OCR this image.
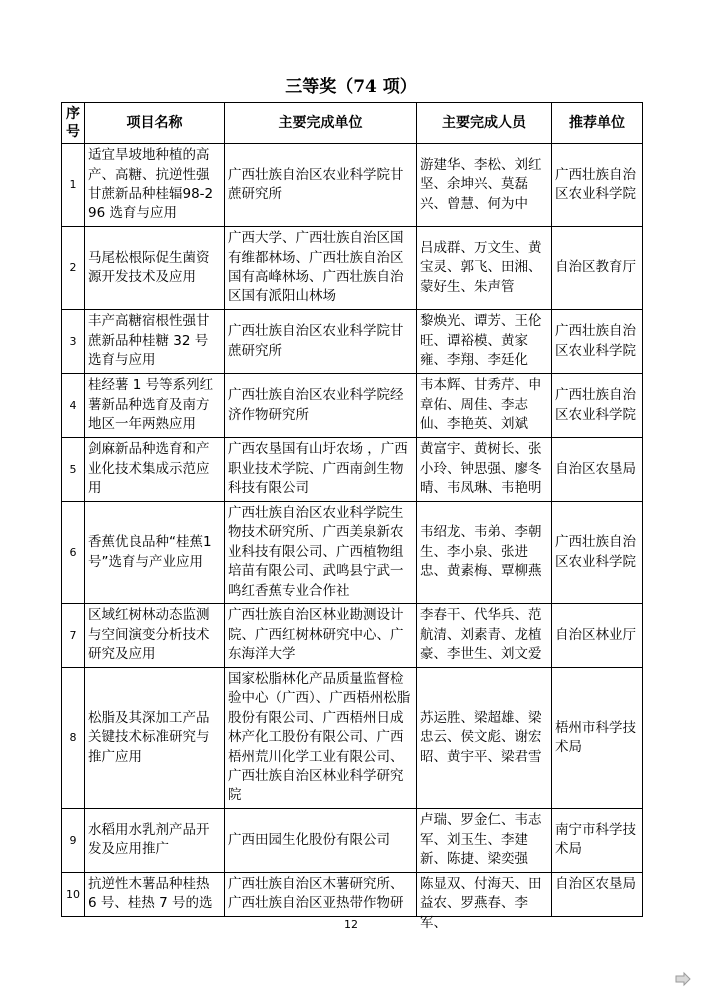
三等奖（74 项）
序号	项目名称	主要完成单位	主要完成人员	推荐单位
1	适宜旱坡地种植的高产、高糖、抗逆性强甘蔗新品种桂辐98-296 选育与应用	广西壮族自治区农业科学院甘蔗研究所	游建华、李松、刘红坚、余坤兴、莫磊兴、曾慧、何为中	广西壮族自治区农业科学院
2	马尾松根际促生菌资源开发技术及应用	广西大学、广西壮族自治区国有维都林场、广西壮族自治区国有高峰林场、广西壮族自治区国有派阳山林场	吕成群、万文生、黄宝灵、郭飞、田湘、蒙好生、朱声管	自治区教育厅
3	丰产高糖宿根性强甘蔗新品种桂糖 32 号选育与应用	广西壮族自治区农业科学院甘蔗研究所	黎焕光、谭芳、王伦旺、谭裕模、黄家雍、李翔、李廷化	广西壮族自治区农业科学院
4	桂经薯 1 号等系列红薯新品种选育及南方地区一年两熟应用	广西壮族自治区农业科学院经济作物研究所	韦本辉、甘秀芹、申章佑、周佳、李志仙、李艳英、刘斌	广西壮族自治区农业科学院
5	剑麻新品种选育和产业化技术集成示范应用	广西农垦国有山圩农场 ，广西职业技术学院、广西南剑生物科技有限公司	黄富宇、黄树长、张小玲、钟思强、廖冬晴、韦凤琳、韦艳明	自治区农垦局
6	香蕉优良品种“桂蕉1 号”选育与产业应用	广西壮族自治区农业科学院生物技术研究所、广西美泉新农业科技有限公司、广西植物组培苗有限公司、武鸣县宁武一鸣红香蕉专业合作社	韦绍龙、韦弟、李朝生、李小泉、张进忠、黄素梅、覃柳燕	广西壮族自治区农业科学院
7	区域红树林动态监测与空间演变分析技术研究及应用	广西壮族自治区林业勘测设计院、广西红树林研究中心、广东海洋大学	李春干、代华兵、范航清、刘素青、龙植豪、李世生、刘文爱	自治区林业厅
8	松脂及其深加工产品关键技术标准研究与推广应用	国家松脂林化产品质量监督检验中心（广西）、广西梧州松脂股份有限公司、广西梧州日成林产化工股份有限公司、广西梧州荒川化学工业有限公司、广西壮族自治区林业科学研究院	苏运胜、梁超雄、梁忠云、侯文彪、谢宏昭、黄宇平、梁君雪	梧州市科学技术局
9	水稻用水乳剂产品开发及应用推广	广西田园生化股份有限公司	卢瑞、罗金仁、韦志军、刘玉生、李建新、陈捷、梁奕强	南宁市科学技术局
10	抗逆性木薯品种桂热 6 号、桂热 7 号的选	广西壮族自治区木薯研究所、广西壮族自治区亚热带作物研	陈显双、付海天、田益农、罗燕春、李军、	自治区农垦局
12
